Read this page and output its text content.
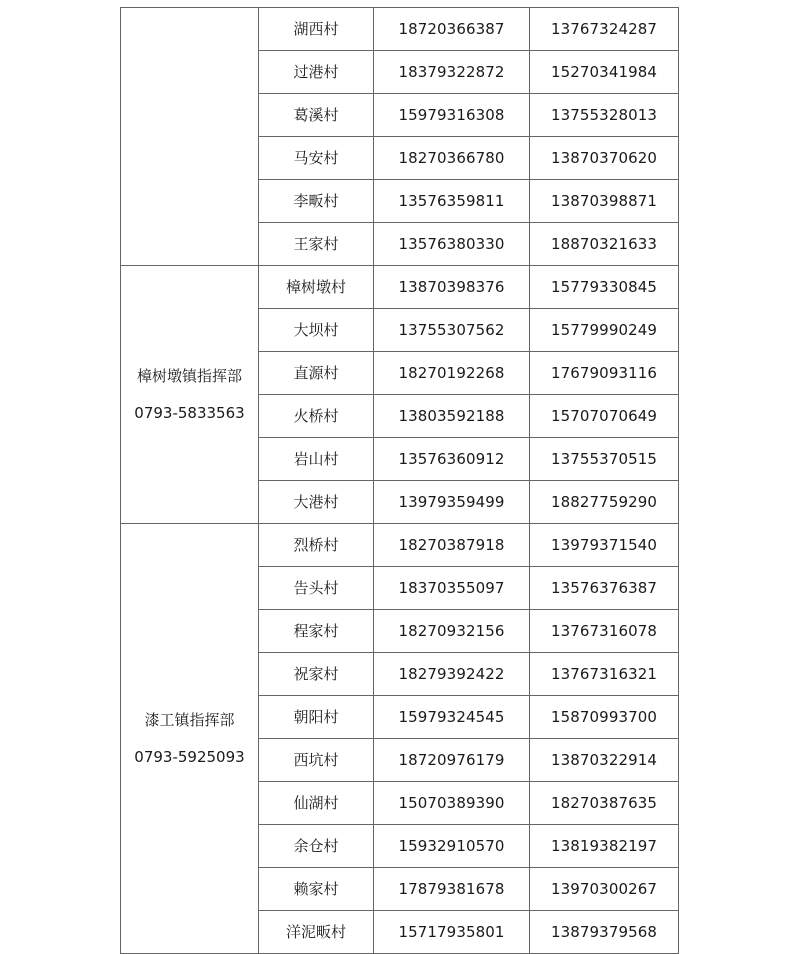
	湖西村	18720366387	13767324287
	过港村	18379322872	15270341984
	葛溪村	15979316308	13755328013
	马安村	18270366780	13870370620
	李畈村	13576359811	13870398871
	王家村	13576380330	18870321633

樟树墩镇指挥部
0793-5833563	樟树墩村	13870398376	15779330845
	大坝村	13755307562	15779990249
	直源村	18270192268	17679093116
	火桥村	13803592188	15707070649
	岩山村	13576360912	13755370515
	大港村	13979359499	18827759290

漆工镇指挥部
0793-5925093	烈桥村	18270387918	13979371540
	告头村	18370355097	13576376387
	程家村	18270932156	13767316078
	祝家村	18279392422	13767316321
	朝阳村	15979324545	15870993700
	西坑村	18720976179	13870322914
	仙湖村	15070389390	18270387635
	余仓村	15932910570	13819382197
	赖家村	17879381678	13970300267
	洋泥畈村	15717935801	13879379568
